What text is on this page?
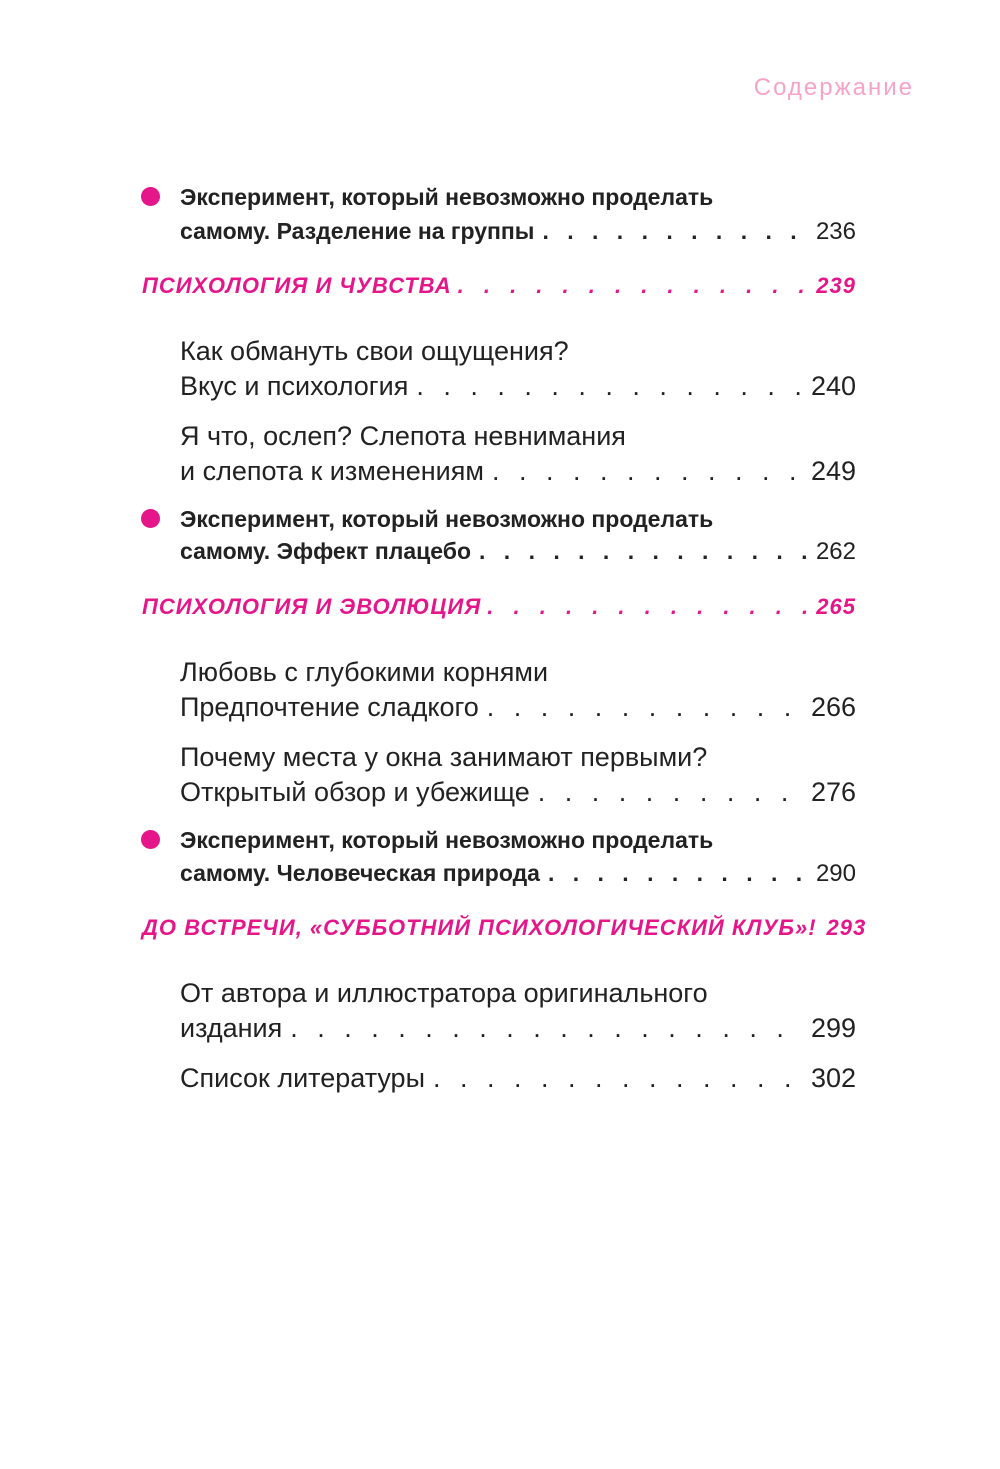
Содержание
Эксперимент, который невозможно проделать
самому. Разделение на группы . . .	236
ПСИХОЛОГИЯ И ЧУВСТВА . . .	239
Как обмануть свои ощущения?
Вкус и психология . . .	240
Я что, ослеп? Слепота невнимания
и слепота к изменениям . . .	249
Эксперимент, который невозможно проделать
самому. Эффект плацебо . . .	262
ПСИХОЛОГИЯ И ЭВОЛЮЦИЯ . . .	265
Любовь с глубокими корнями
Предпочтение сладкого . . .	266
Почему места у окна занимают первыми?
Открытый обзор и убежище . . .	276
Эксперимент, который невозможно проделать
самому. Человеческая природа . . .	290
ДО ВСТРЕЧИ, «СУББОТНИЙ ПСИХОЛОГИЧЕСКИЙ КЛУБ»! 293
От автора и иллюстратора оригинального
издания . . .	299
Список литературы . . .	302
